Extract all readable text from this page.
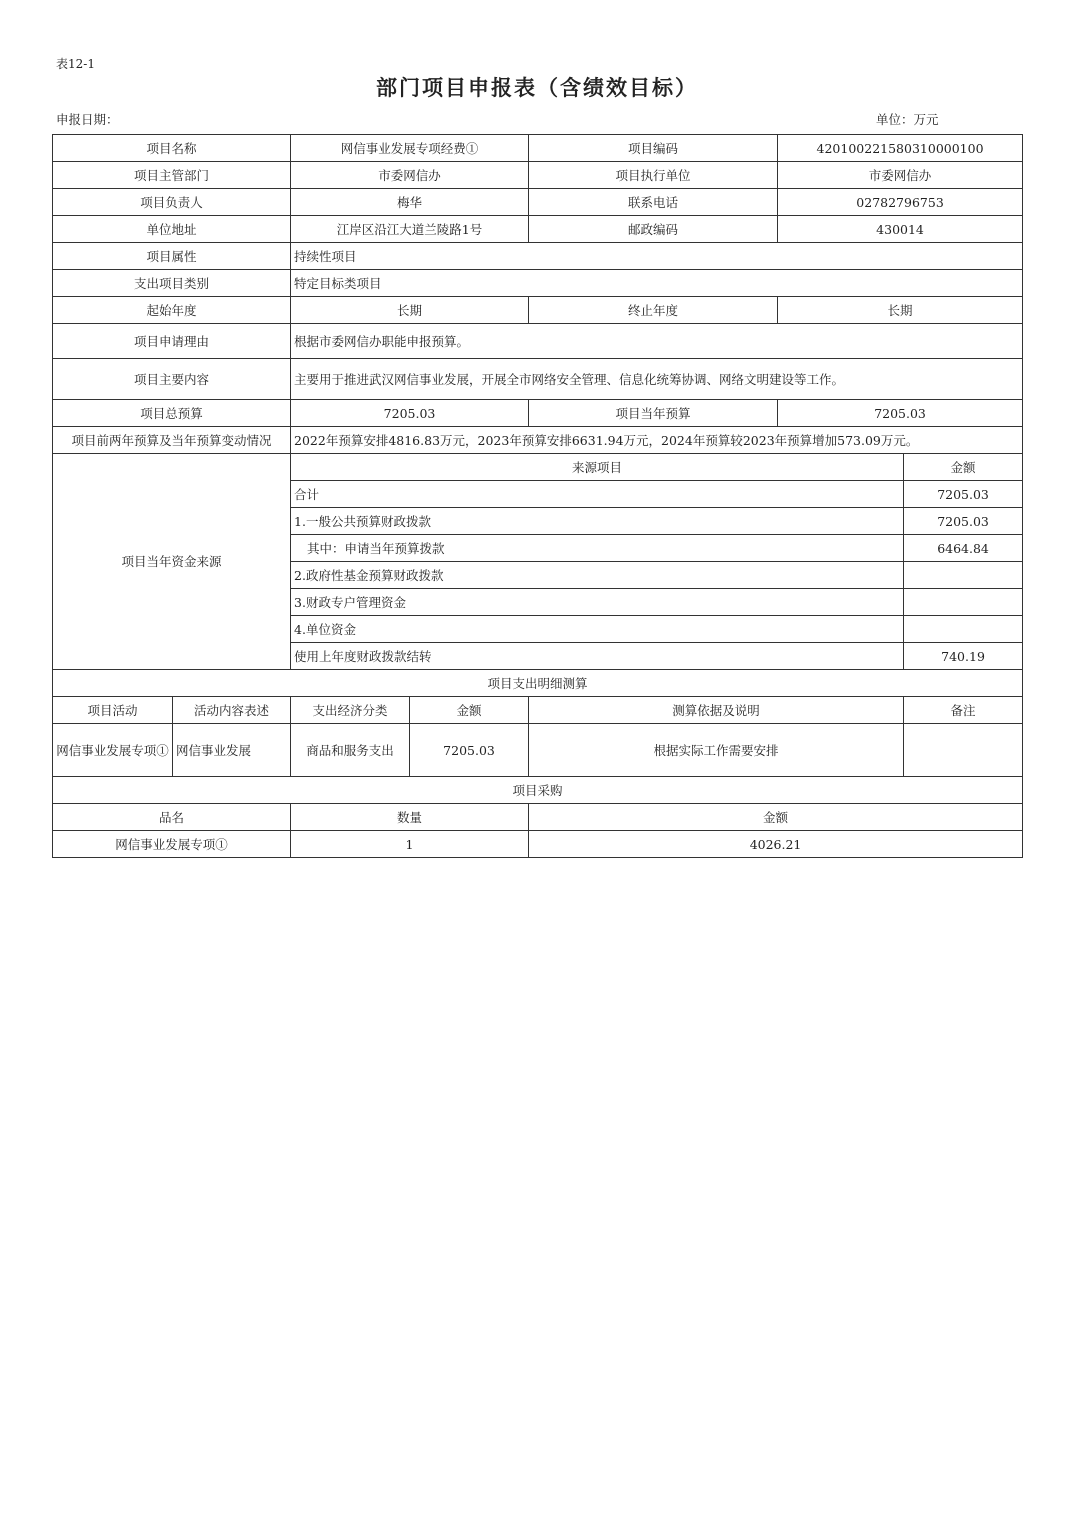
表12-1
部门项目申报表（含绩效目标）
申报日期：	单位：万元
项目名称		网信事业发展专项经费①		项目编码	420100221580310000100	
项目主管部门		市委网信办		项目执行单位	市委网信办	
项目负责人		梅华		联系电话	02782796753	
单位地址		江岸区沿江大道兰陵路1号		邮政编码	430014	
项目属性		持续性项目				
支出项目类别		特定目标类项目				
起始年度		长期		终止年度	长期	
项目申请理由		根据市委网信办职能申报预算。				
项目主要内容		主要用于推进武汉网信事业发展，开展全市网络安全管理、信息化统筹协调、网络文明建设等工作。				
项目总预算		7205.03		项目当年预算	7205.03	
项目前两年预算及当年预算变动情况		2022年预算安排4816.83万元，2023年预算安排6631.94万元，2024年预算较2023年预算增加573.09万元。				
项目当年资金来源		来源项目				金额
		合计				7205.03
		1.一般公共预算财政拨款				7205.03
		其中：申请当年预算拨款				6464.84
		2.政府性基金预算财政拨款				
		3.财政专户管理资金				
		4.单位资金				
		使用上年度财政拨款结转				740.19
项目支出明细测算						
项目活动	活动内容表述	支出经济分类	金额	测算依据及说明		备注
网信事业发展专项①	网信事业发展	商品和服务支出	7205.03	根据实际工作需要安排		
项目采购						
品名		数量		金额		
网信事业发展专项①		1		4026.21		
